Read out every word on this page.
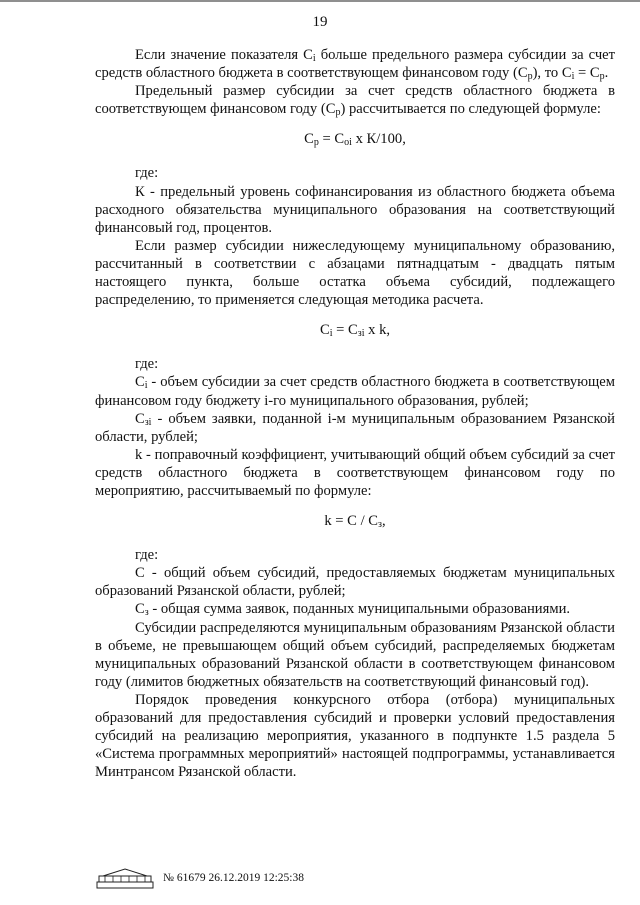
19

Если значение показателя $С_i$ больше предельного размера субсидии за счет средств областного бюджета в соответствующем финансовом году $(С_р)$, то $С_i = С_р$.

Предельный размер субсидии за счет средств областного бюджета в соответствующем финансовом году $(С_р)$ рассчитывается по следующей формуле:

$С_р = С_{оi}$ х К/100,

где:

К - предельный уровень софинансирования из областного бюджета объема расходного обязательства муниципального образования на соответствующий финансовый год, процентов.

Если размер субсидии нижеследующему муниципальному образованию, рассчитанный в соответствии с абзацами пятнадцатым - двадцать пятым настоящего пункта, больше остатка объема субсидий, подлежащего распределению, то применяется следующая методика расчета.

$С_i = С_{зi}$ х k,

где:

$С_i$ - объем субсидии за счет средств областного бюджета в соответствующем финансовом году бюджету i-го муниципального образования, рублей;

$С_{зi}$ - объем заявки, поданной i-м муниципальным образованием Рязанской области, рублей;

k - поправочный коэффициент, учитывающий общий объем субсидий за счет средств областного бюджета в соответствующем финансовом году по мероприятию, рассчитываемый по формуле:

$k = С / С_з$,

где:

С - общий объем субсидий, предоставляемых бюджетам муниципальных образований Рязанской области, рублей;

$С_з$ - общая сумма заявок, поданных муниципальными образованиями.

Субсидии распределяются муниципальным образованиям Рязанской области в объеме, не превышающем общий объем субсидий, распределяемых бюджетам муниципальных образований Рязанской области в соответствующем финансовом году (лимитов бюджетных обязательств на соответствующий финансовый год).

Порядок проведения конкурсного отбора (отбора) муниципальных образований для предоставления субсидий и проверки условий предоставления субсидий на реализацию мероприятия, указанного в подпункте 1.5 раздела 5 «Система программных мероприятий» настоящей подпрограммы, устанавливается Минтрансом Рязанской области.

№ 61679 26.12.2019 12:25:38
